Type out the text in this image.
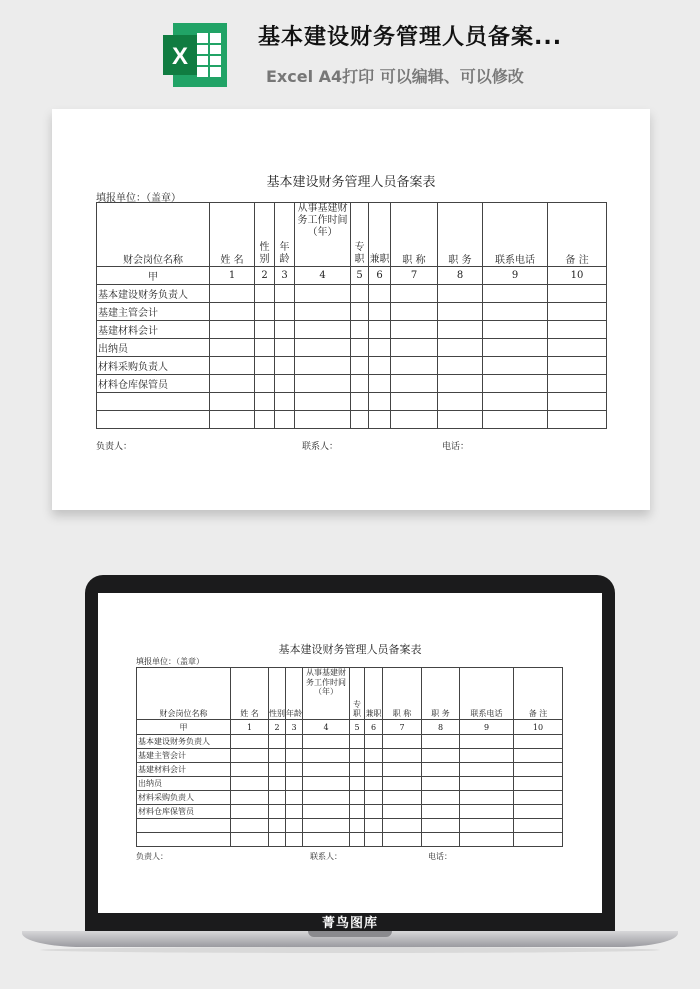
X
基本建设财务管理人员备案...
Excel A4打印 可以编辑、可以修改
基本建设财务管理人员备案表
填报单位：（盖章）
财会岗位名称	姓 名	性别	年龄	从事基建财务工作时间（年）	专职	兼职	职 称	职 务	联系电话	备 注
甲	1	2	3	4	5	6	7	8	9	10
基本建设财务负责人										
基建主管会计										
基建材料会计										
出纳员										
材料采购负责人										
材料仓库保管员										

负责人：	联系人：	电话：
基本建设财务管理人员备案表
填报单位：（盖章）
财会岗位名称	姓 名	性别	年龄	从事基建财务工作时间（年）	专职	兼职	职 称	职 务	联系电话	备 注
甲	1	2	3	4	5	6	7	8	9	10
基本建设财务负责人										
基建主管会计										
基建材料会计										
出纳员										
材料采购负责人										
材料仓库保管员										

负责人：	联系人：	电话：
菁鸟图库
